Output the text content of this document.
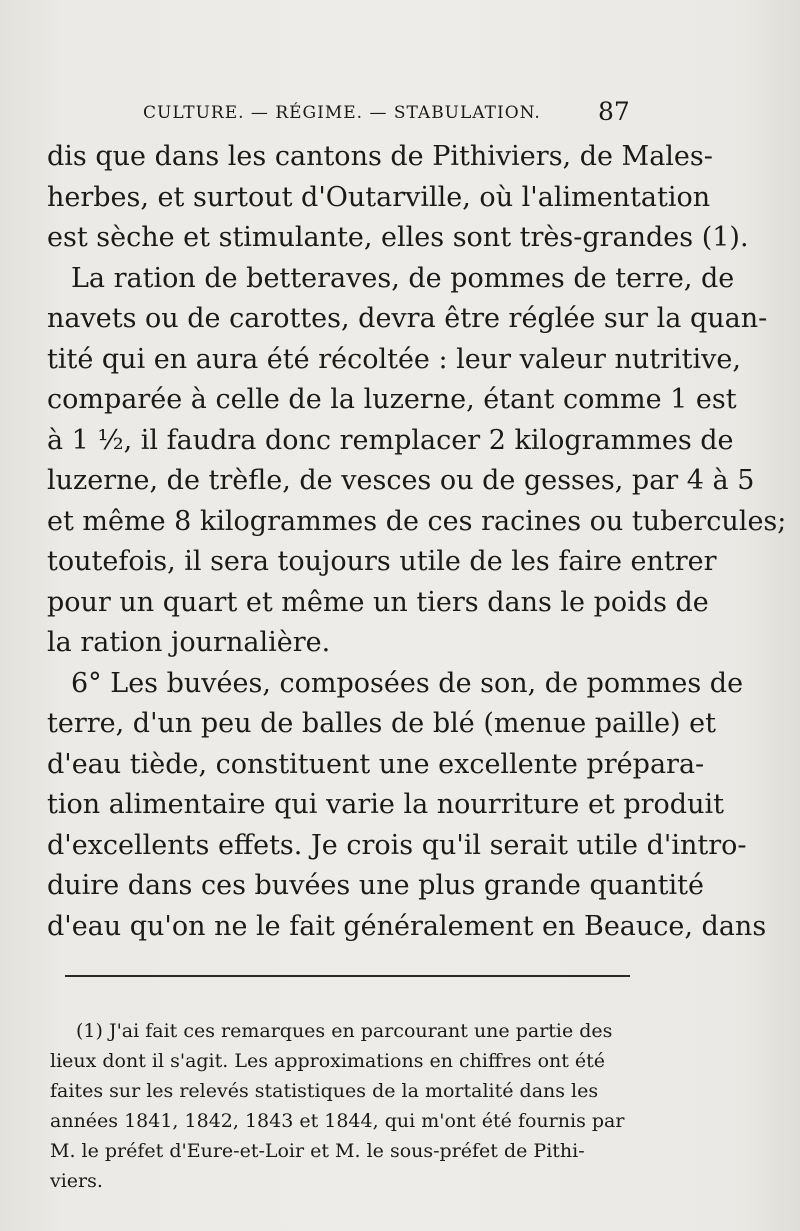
CULTURE. — RÉGIME. — STABULATION.	87

dis que dans les cantons de Pithiviers, de Males-
herbes, et surtout d'Outarville, où l'alimentation
est sèche et stimulante, elles sont très-grandes (1).

La ration de betteraves, de pommes de terre, de
navets ou de carottes, devra être réglée sur la quan-
tité qui en aura été récoltée : leur valeur nutritive,
comparée à celle de la luzerne, étant comme 1 est
à 1 ½, il faudra donc remplacer 2 kilogrammes de
luzerne, de trèfle, de vesces ou de gesses, par 4 à 5
et même 8 kilogrammes de ces racines ou tubercules;
toutefois, il sera toujours utile de les faire entrer
pour un quart et même un tiers dans le poids de
la ration journalière.

6° Les buvées, composées de son, de pommes de
terre, d'un peu de balles de blé (menue paille) et
d'eau tiède, constituent une excellente prépara-
tion alimentaire qui varie la nourriture et produit
d'excellents effets. Je crois qu'il serait utile d'intro-
duire dans ces buvées une plus grande quantité
d'eau qu'on ne le fait généralement en Beauce, dans

(1) J'ai fait ces remarques en parcourant une partie des
lieux dont il s'agit. Les approximations en chiffres ont été
faites sur les relevés statistiques de la mortalité dans les
années 1841, 1842, 1843 et 1844, qui m'ont été fournis par
M. le préfet d'Eure-et-Loir et M. le sous-préfet de Pithi-
viers.
